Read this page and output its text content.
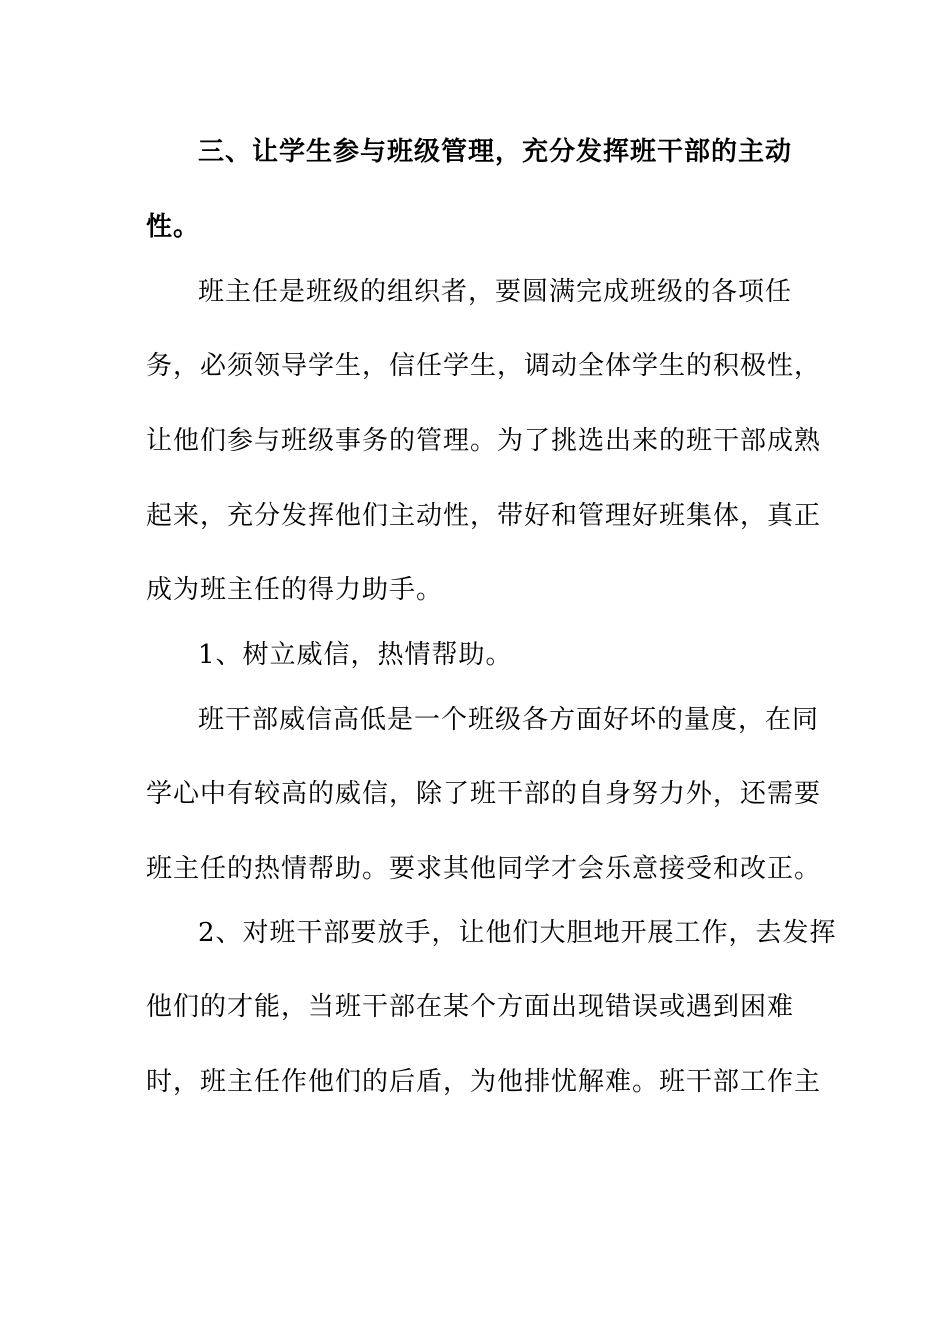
三、让学生参与班级管理，充分发挥班干部的主动
性。
班主任是班级的组织者，要圆满完成班级的各项任
务，必须领导学生，信任学生，调动全体学生的积极性，
让他们参与班级事务的管理。为了挑选出来的班干部成熟
起来，充分发挥他们主动性，带好和管理好班集体，真正
成为班主任的得力助手。
1、树立威信，热情帮助。
班干部威信高低是一个班级各方面好坏的量度，在同
学心中有较高的威信，除了班干部的自身努力外，还需要
班主任的热情帮助。要求其他同学才会乐意接受和改正。
2、对班干部要放手，让他们大胆地开展工作，去发挥
他们的才能，当班干部在某个方面出现错误或遇到困难
时，班主任作他们的后盾，为他排忧解难。班干部工作主
